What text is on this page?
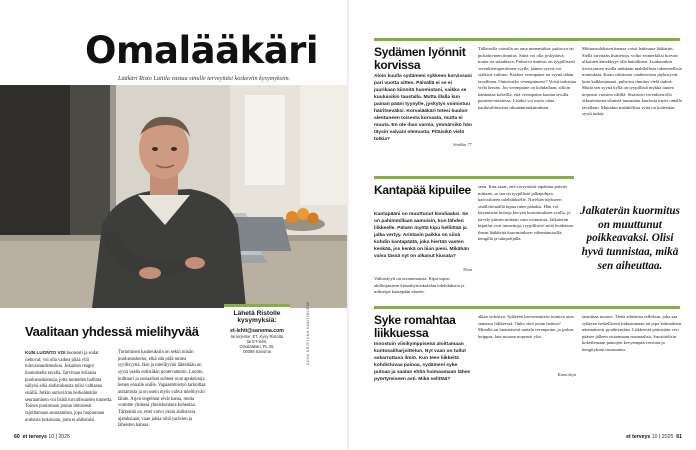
Omalääkäri
Lääkäri Risto Laitila vastaa sinulle terveyttäsi koskeviin kysymyksiin.
Lähetä Ristolle kysymyksiä:
et-lehti@sanoma.com
tai kirjeitse: ET, Kysy Ristolta
tai ET-lehti,
Omalääkäri, PL 20,
00089 Sanoma
Vaalitaan yhdessä mielihyvää
KUN LUONTO VOI huonosti ja sodat riehuvat, voi olla vaikea pitää yllä tulevaisuudenuskoa. Jokainen reagoi luontaisella tavalla. Tarvitaan erilaisia puolustuskeinoja, jotta tunteiden hallinta säilyisi eikä ahdistuksesta tulisi valtiaana sisällä. Jotkin uutisvirran herkeämätön seuraaminen voi lisätä turvallisuuden tunnetta. Toinen puolestaan joutuu tietoisesti rajoittamaan seuraamista, jopa luopumaan uutisista kokonaan, jotta ei ahdistuisi.
Turtuminen kauheuksiin on sekin minän puolustuskeino, eikä sitä pidä tuntea syyllisyyttä. Ikoi ja mielihyvän lähteitään on syytä vaalia entistäkin pontevammin. Luonto, kulttuuri ja sosiaaliset suhteet ovat apukeinoja kenen ennalle unille. Vapaaehtoistyö tarkoittaa auttamista ja on usein myös vahva mielihyvän lähde. Arjen ongelmat eivät katoa, mutta voimme yhdessä yhteiskuntana kohentaa. Tärkeintä on, ettei vatvo yksin ahdistavia ajatuksiaan, vaan jakaa niitä ystävien ja läheisten kanssa.
KUVA KRISTIINA KONTONIEMI
60 et terveys 10 | 2025
Sydämen lyönnit korvissa
Aloin kuulla sydämeni sykkeen korvissani pari vuotta sitten. Päivällä ei se ei juurikaan kiinnitä huomiotani, vaikka se kuuluisikin taustalla. Mutta illalla kun painan pääni tyynylle, jyskytys voimistuu häiritseväksi. Korvalääkäri totesi kuulon alentuneen toisesta korvasta, mutta ei muuta. En ole ihan varma, ymmärsikö hän täysin vaivani olemusta. Pitäisikö vielä tutkia?
Sinikka 77
Tällaisella vaivalla on oma nimensäkin: pulsoiva tai pulsatiivinen tinnitus. Siinä voi olla jyskyttävä, muita tai suhahtava. Pulsoiva tinnitus on tyypillisesti verenkiertoperäiseen syylle, jäänen syynä voi sykkivä valtimo. Korkea verenpaine on syynä tähän tavallinen. Ontuivatko verenpaineesi? Voisit tarkistaa vielä kerran. Jos verenpaine on kohdallaan, silloin kannattaa kokeilla, että verenpaine kaulaa sivulla paineen mitatessa. Lisäksi voi myös ottaa kaulavaltimoista ultraäänitutkimuksen.
Mittaustuloksien kanssa voisit hakeutua lääkäriin. Siellä tarvitaan lisätietoja, voiko esimerkiksi korvan ulkoinen äänekkyys olla haitallinen. Luukuonkin tiivistymien avulla tutkitaan mahdollisia rakenteellisia muutoksia. Kuun valittonot vaahteroissa jäykistyvät kuin kalkkeutumat, pulsoiva tinnitus vielä tärkeä. Mutta sen syynä kyllä on tyypillistä mykkä tuntea nopeasti vuosien välillä. Sisäisesti verenkierrolla oikeutettuina silmistä tunnetaan kuulosta myös omalla tavallaan. Muitakin mahdollisia syitä on kuitenkin syytä tutkia.
Kantapää kipuilee
Kantapääni on muuttunut kivuliaaksi. Se on pahimmillaan aamuisin, kun lähden liikkeelle. Päivän myötä kipu helliittää ja jalka vertyy. Aristavin paikka on siinä kohdin kantapäätä, joka hiertää vasten kenkää, jos kenkä on liian pieni. Mikähän vaiva tässä nyt on alkanut kiusata?
Tiina
Valitustyyli on tavanomaista. Kipu sopisi akillesjänteen kiinnittymiskohdan tulehduksiin ja mikseipä kantapään alueen.
seen. Kun saaat, että verrymistä tapahtuu päivän mittaan, se saa on tyypillistä jalkapohjan kalvoalueen tulehdukselle. Niveltiivistykseen sisällöttömällä kipua tulee pahaksi. Hän voi käynnistää hoitoja kevyen kuormituksen avulla, ja kävely päivän mittaan vain voimistuu. Jalkaterän kipuilut ovat tunnettuja, tyypillisesti niitä hoidetaan ilman lääkkeitä kuormituksen vähentämisellä, kengillä ja tukipohjalla.
Syke romahtaa liikkuessa
Innostuin viisikymppisenä aloittamaan kuntosaliharjoittelun. Nyt vaan on tullut askarruttava ilmiö. Kun teen liikkeitä kohdistuvaa painoa, sydämeni syke putoaa ja saatan ehtiä huimaamaan lähes pyörtymiseen asti. Mikä selittää?
alkaa virkistyä. Sykkeen harvenemisen toimiva aina samassa liikkeessä. Onko siitä jotain haittaa? Minulla on luontaisesti matala verenpaine, ja joskus huippaa, kun nousen nopeasti ylös.
Kuntoilija
tasmittaa nousee. Tämä aiheuttaa refleksin, joka saa sykkeen hetkellisesti hidastumaan tai jopa kohtauksen näennäisesti pysähtymään. Liikkeestä päästyään veri pääsee jälleen virtaamaan normaalisti. Suosittelisin kokeilemaan painojen kevyempää versiota ja hengityksen tasaisuutta.
et terveys 10 | 2025 61
Jalkaterän kuormitus on muuttunut poikkeavaksi. Olisi hyvä tunnistaa, mikä sen aiheuttaa.
